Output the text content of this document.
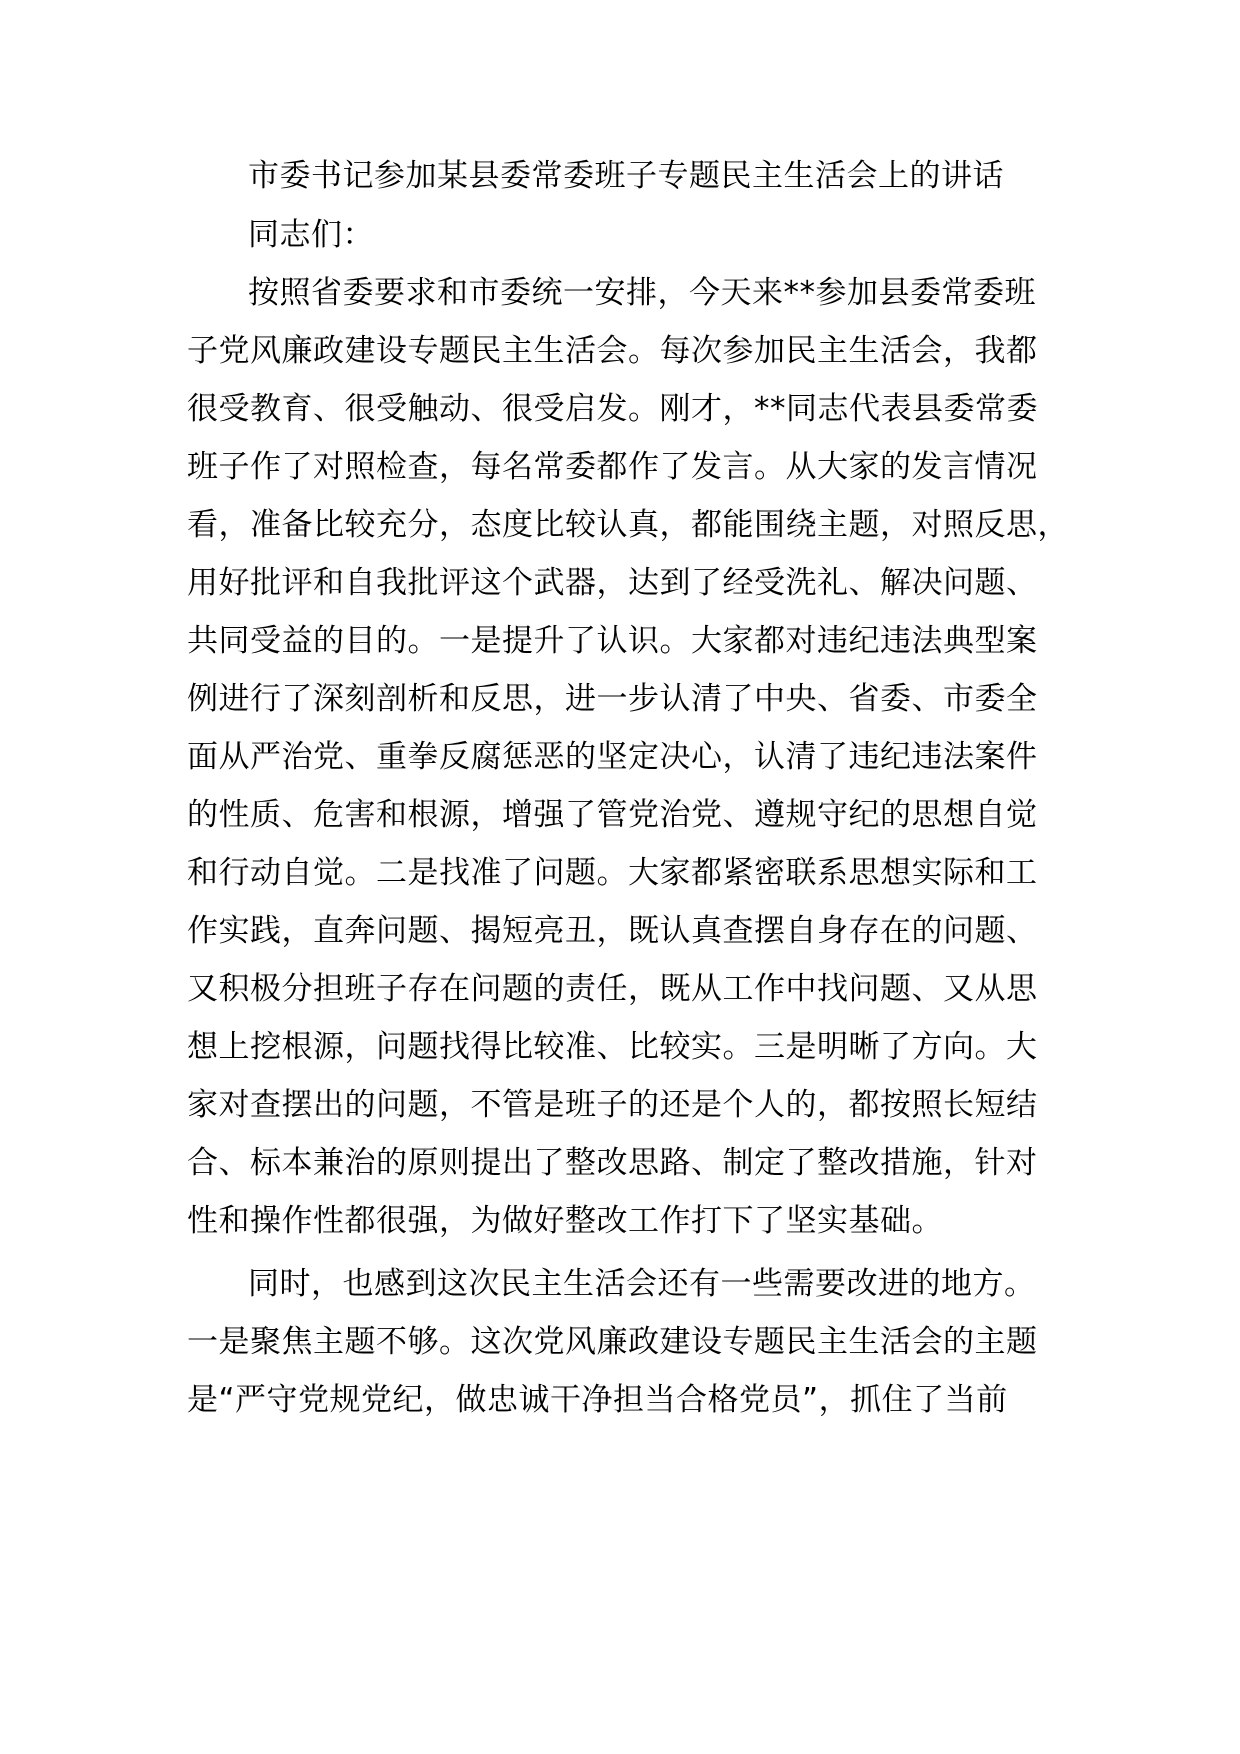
市委书记参加某县委常委班子专题民主生活会上的讲话
同志们：
按照省委要求和市委统一安排，今天来**参加县委常委班
子党风廉政建设专题民主生活会。每次参加民主生活会，我都
很受教育、很受触动、很受启发。刚才，**同志代表县委常委
班子作了对照检查，每名常委都作了发言。从大家的发言情况
看，准备比较充分，态度比较认真，都能围绕主题，对照反思，
用好批评和自我批评这个武器，达到了经受洗礼、解决问题、
共同受益的目的。一是提升了认识。大家都对违纪违法典型案
例进行了深刻剖析和反思，进一步认清了中央、省委、市委全
面从严治党、重拳反腐惩恶的坚定决心，认清了违纪违法案件
的性质、危害和根源，增强了管党治党、遵规守纪的思想自觉
和行动自觉。二是找准了问题。大家都紧密联系思想实际和工
作实践，直奔问题、揭短亮丑，既认真查摆自身存在的问题、
又积极分担班子存在问题的责任，既从工作中找问题、又从思
想上挖根源，问题找得比较准、比较实。三是明晰了方向。大
家对查摆出的问题，不管是班子的还是个人的，都按照长短结
合、标本兼治的原则提出了整改思路、制定了整改措施，针对
性和操作性都很强，为做好整改工作打下了坚实基础。
同时，也感到这次民主生活会还有一些需要改进的地方。
一是聚焦主题不够。这次党风廉政建设专题民主生活会的主题
是“严守党规党纪，做忠诚干净担当合格党员”，抓住了当前
